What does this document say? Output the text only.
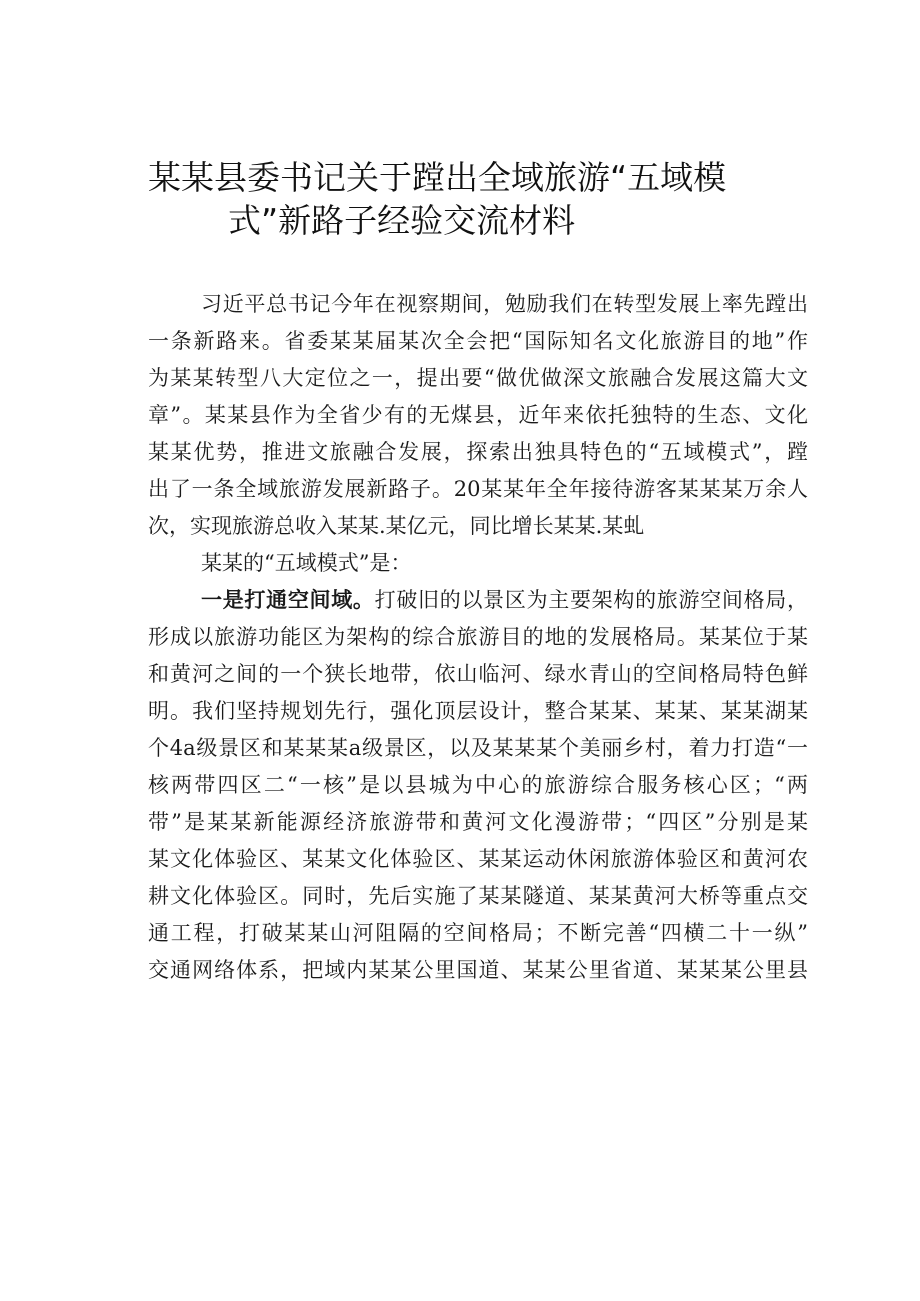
某某县委书记关于蹚出全域旅游“五域模
式”新路子经验交流材料
习近平总书记今年在视察期间，勉励我们在转型发展上率先蹚出
一条新路来。省委某某届某次全会把“国际知名文化旅游目的地”作
为某某转型八大定位之一，提出要“做优做深文旅融合发展这篇大文
章”。某某县作为全省少有的无煤县，近年来依托独特的生态、文化
某某优势，推进文旅融合发展，探索出独具特色的“五域模式”，蹚
出了一条全域旅游发展新路子。20某某年全年接待游客某某某万余人
次，实现旅游总收入某某.某亿元，同比增长某某.某虬
某某的“五域模式”是：
一是打通空间域。打破旧的以景区为主要架构的旅游空间格局，
形成以旅游功能区为架构的综合旅游目的地的发展格局。某某位于某
和黄河之间的一个狭长地带，依山临河、绿水青山的空间格局特色鲜
明。我们坚持规划先行，强化顶层设计，整合某某、某某、某某湖某
个4a级景区和某某某a级景区，以及某某某个美丽乡村，着力打造“一
核两带四区二“一核”是以县城为中心的旅游综合服务核心区；“两
带”是某某新能源经济旅游带和黄河文化漫游带；“四区”分别是某
某文化体验区、某某文化体验区、某某运动休闲旅游体验区和黄河农
耕文化体验区。同时，先后实施了某某隧道、某某黄河大桥等重点交
通工程，打破某某山河阻隔的空间格局；不断完善“四横二十一纵”
交通网络体系，把域内某某公里国道、某某公里省道、某某某公里县
